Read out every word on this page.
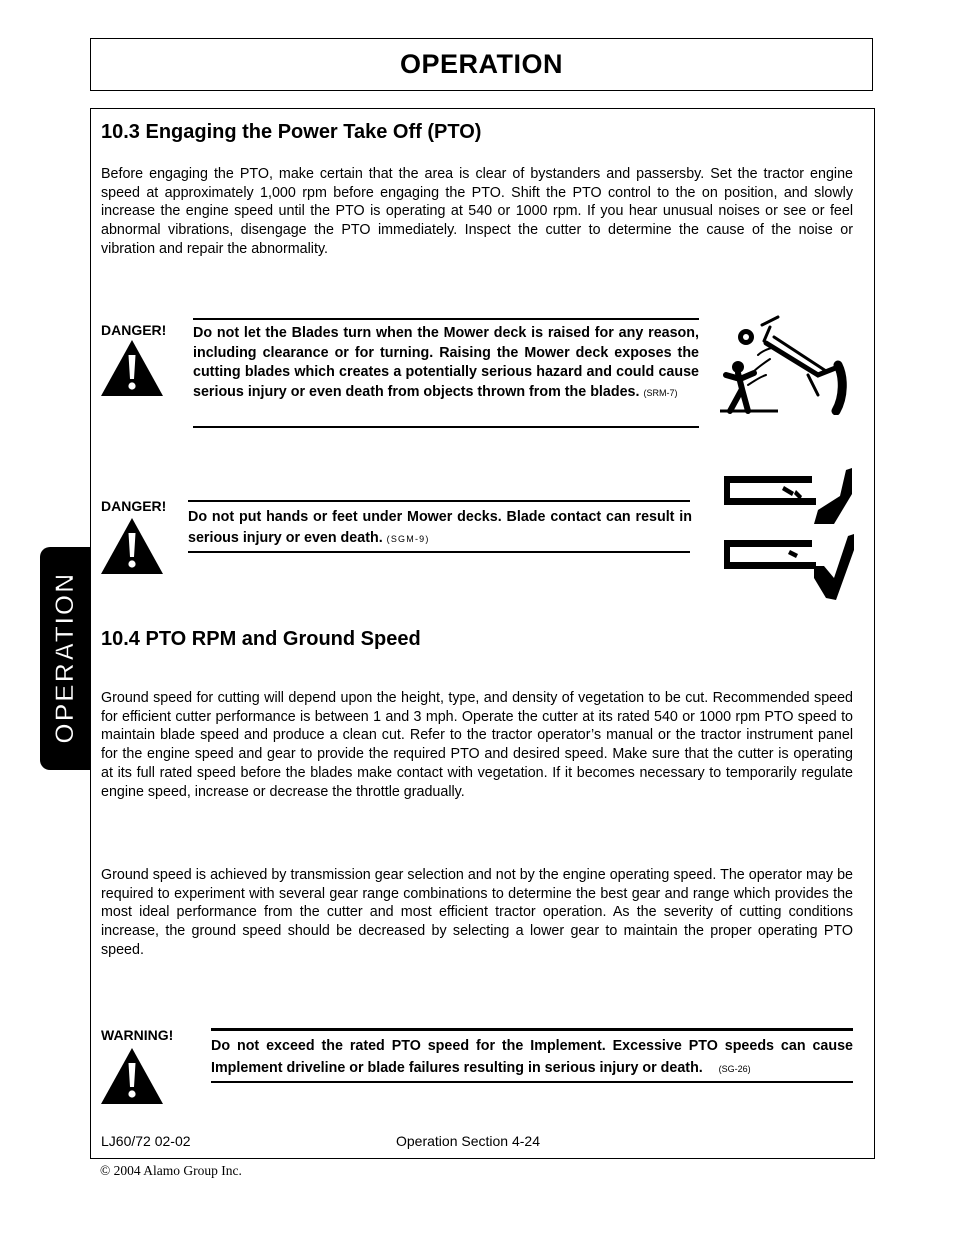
OPERATION
OPERATION
10.3 Engaging the Power Take Off (PTO)

Before engaging the PTO, make certain that the area is clear of bystanders and passersby. Set the tractor engine speed at approximately 1,000 rpm before engaging the PTO. Shift the PTO control to the on position, and slowly increase the engine speed until the PTO is operating at 540 or 1000 rpm. If you hear unusual noises or see or feel abnormal vibrations, disengage the PTO immediately. Inspect the cutter to determine the cause of the noise or vibration and repair the abnormality.

DANGER! Do not let the Blades turn when the Mower deck is raised for any reason, including clearance or for turning. Raising the Mower deck exposes the cutting blades which creates a potentially serious hazard and could cause serious injury or even death from objects thrown from the blades. (SRM-7)

DANGER!

Do not put hands or feet under Mower decks. Blade contact can result in serious injury or even death. (SGM-9)

10.4 PTO RPM and Ground Speed

Ground speed for cutting will depend upon the height, type, and density of vegetation to be cut. Recommended speed for efficient cutter performance is between 1 and 3 mph. Operate the cutter at its rated 540 or 1000 rpm PTO speed to maintain blade speed and produce a clean cut. Refer to the tractor operator’s manual or the tractor instrument panel for the engine speed and gear to provide the required PTO and desired speed. Make sure that the cutter is operating at its full rated speed before the blades make contact with vegetation. If it becomes necessary to temporarily regulate engine speed, increase or decrease the throttle gradually.

Ground speed is achieved by transmission gear selection and not by the engine operating speed. The operator may be required to experiment with several gear range combinations to determine the best gear and range which provides the most ideal performance from the cutter and most efficient tractor operation. As the severity of cutting conditions increase, the ground speed should be decreased by selecting a lower gear to maintain the proper operating PTO speed.

WARNING!

Do not exceed the rated PTO speed for the Implement. Excessive PTO speeds can cause Implement driveline or blade failures resulting in serious injury or death. (SG-26)

LJ60/72 02-02	Operation Section 4-24
© 2004 Alamo Group Inc.
